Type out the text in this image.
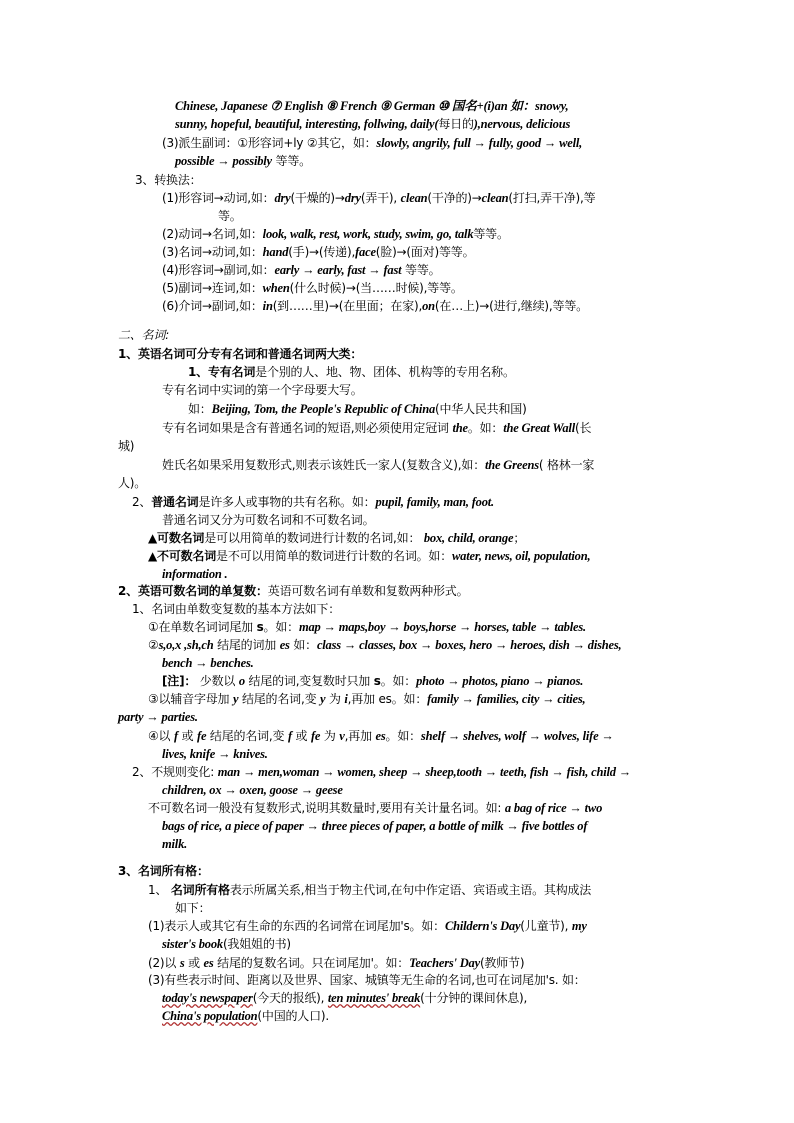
Chinese, Japanese ⑦ English ⑧ French ⑨ German ⑩ 国名+(i)an 如：snowy,
sunny, hopeful, beautiful, interesting, follwing, daily(每日的),nervous, delicious
(3)派生副词：①形容词+ly ②其它，如：slowly, angrily, full → fully, good → well,
possible → possibly 等等。
3、转换法：
(1)形容词→动词,如：dry(干燥的)→dry(弄干), clean(干净的)→clean(打扫,弄干净),等
等。
(2)动词→名词,如：look, walk, rest, work, study, swim, go, talk等等。
(3)名词→动词,如：hand(手)→(传递),face(脸)→(面对)等等。
(4)形容词→副词,如：early → early, fast → fast 等等。
(5)副词→连词,如：when(什么时候)→(当……时候),等等。
(6)介词→副词,如：in(到……里)→(在里面；在家),on(在…上)→(进行,继续),等等。
二、名词:
1、英语名词可分专有名词和普通名词两大类：
1、专有名词是个别的人、地、物、团体、机构等的专用名称。
专有名词中实词的第一个字母要大写。
如：Beijing, Tom, the People's Republic of China(中华人民共和国)
专有名词如果是含有普通名词的短语,则必须使用定冠词 the。如：the Great Wall(长
城)
姓氏名如果采用复数形式,则表示该姓氏一家人(复数含义),如：the Greens( 格林一家
人)。
2、普通名词是许多人或事物的共有名称。如：pupil, family, man, foot.
普通名词又分为可数名词和不可数名词。
▲可数名词是可以用简单的数词进行计数的名词,如： box, child, orange；
▲不可数名词是不可以用简单的数词进行计数的名词。如：water, news, oil, population,
information .
2、英语可数名词的单复数：英语可数名词有单数和复数两种形式。
1、名词由单数变复数的基本方法如下：
①在单数名词词尾加 s。如：map → maps,boy → boys,horse → horses, table → tables.
②s,o,x ,sh,ch 结尾的词加 es 如：class → classes, box → boxes, hero → heroes, dish → dishes,
bench → benches.
[注]： 少数以 o 结尾的词,变复数时只加 s。如：photo → photos, piano → pianos.
③以辅音字母加 y 结尾的名词,变 y 为 i,再加 es。如：family → families, city → cities,
party → parties.
④以 f 或 fe 结尾的名词,变 f 或 fe 为 v,再加 es。如：shelf → shelves, wolf → wolves, life →
lives, knife → knives.
2、不规则变化: man → men,woman → women, sheep → sheep,tooth → teeth, fish → fish, child →
children, ox → oxen, goose → geese
不可数名词一般没有复数形式,说明其数量时,要用有关计量名词。如: a bag of rice → two
bags of rice, a piece of paper → three pieces of paper, a bottle of milk → five bottles of
milk.
3、名词所有格：
1、 名词所有格表示所属关系,相当于物主代词,在句中作定语、宾语或主语。其构成法
如下：
(1)表示人或其它有生命的东西的名词常在词尾加's。如：Childern's Day(儿童节), my
sister's book(我姐姐的书)
(2)以 s 或 es 结尾的复数名词。只在词尾加'。如：Teachers' Day(教师节)
(3)有些表示时间、距离以及世界、国家、城镇等无生命的名词,也可在词尾加's. 如：
today's newspaper(今天的报纸), ten minutes' break(十分钟的课间休息),
China's population(中国的人口).
